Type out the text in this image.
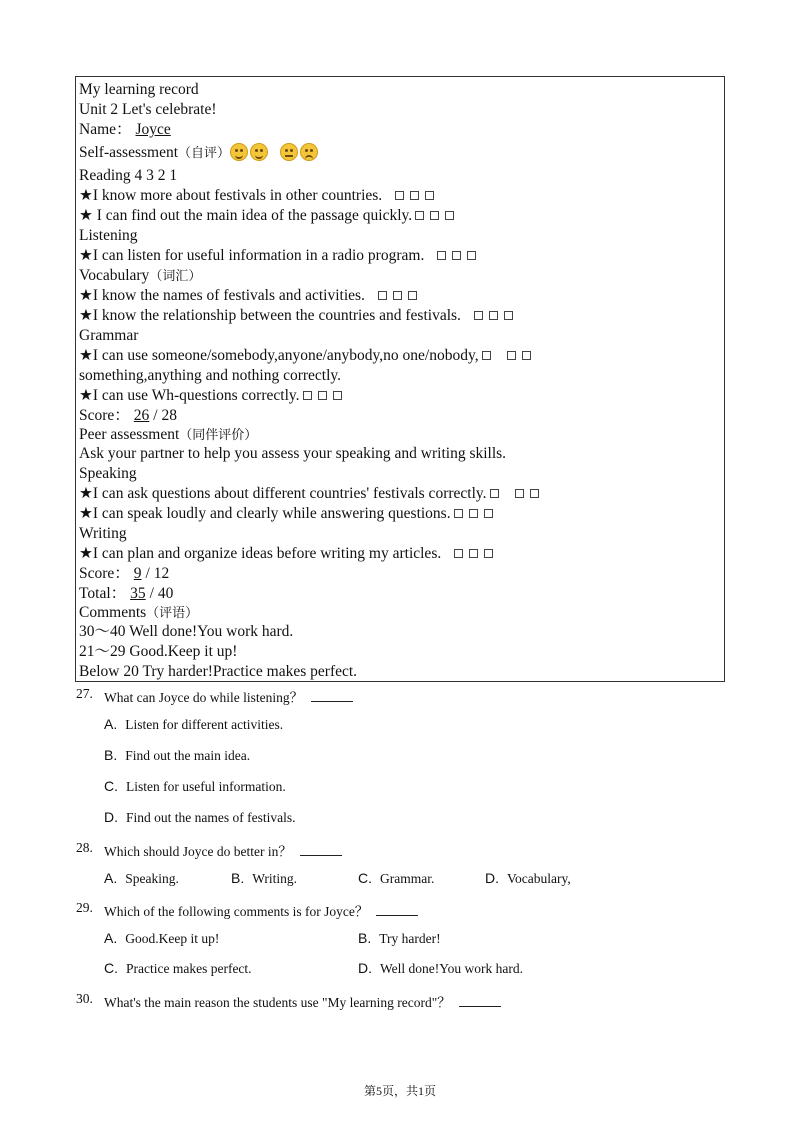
My learning record
Unit 2 Let's celebrate!
Name： Joyce
Self-assessment（自评）
Reading 4 3 2 1
★I know more about festivals in other countries.
★ I can find out the main idea of the passage quickly.
Listening
★I can listen for useful information in a radio program.
Vocabulary（词汇）
★I know the names of festivals and activities.
★I know the relationship between the countries and festivals.
Grammar
★I can use someone/somebody,anyone/anybody,no one/nobody,
something,anything and nothing correctly.
★I can use Wh-questions correctly.
Score： 26 / 28
Peer assessment（同伴评价）
Ask your partner to help you assess your speaking and writing skills.
Speaking
★I can ask questions about different countries' festivals correctly.
★I can speak loudly and clearly while answering questions.
Writing
★I can plan and organize ideas before writing my articles.
Score： 9 / 12
Total： 35 / 40
Comments（评语）
30～40 Well done!You work hard.
21～29 Good.Keep it up!
Below 20 Try harder!Practice makes perfect.
27. What can Joyce do while listening？
A. Listen for different activities.
B. Find out the main idea.
C. Listen for useful information.
D. Find out the names of festivals.
28. Which should Joyce do better in？
A. Speaking.	B. Writing.	C. Grammar.	D. Vocabulary,
29. Which of the following comments is for Joyce？
A. Good.Keep it up!	B. Try harder!
C. Practice makes perfect.	D. Well done!You work hard.
30. What's the main reason the students use "My learning record"？
第5页，共1页
